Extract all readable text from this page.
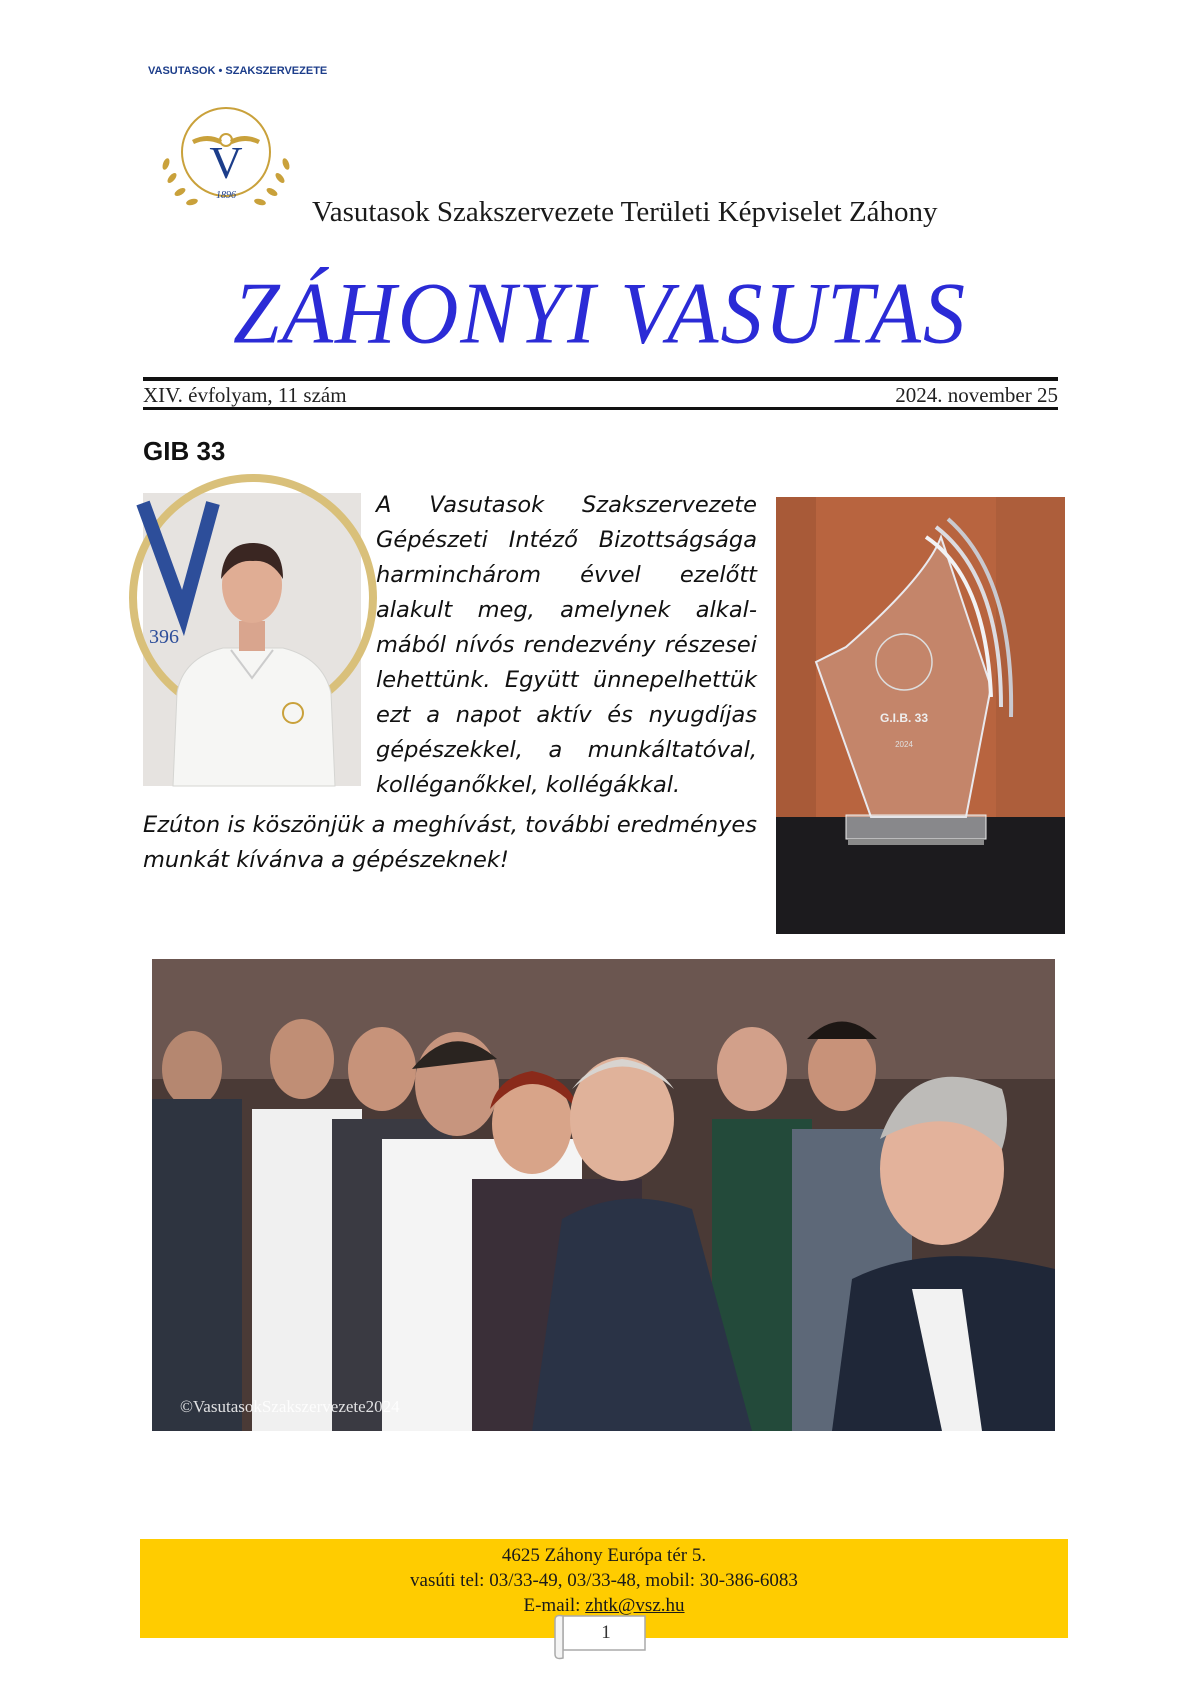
VASUTASOK • SZAKSZERVEZETE
V
1896
Vasutasok Szakszervezete Területi Képviselet Záhony
ZÁHONYI VASUTAS
XIV. évfolyam, 11 szám	2024. november 25
GIB 33
396
A Vasutasok Szakszervezete Gépészeti Intéző Bizottságsága harminchárom évvel ezelőtt alakult meg, amelynek alkal-mából nívós rendezvény részesei lehettünk. Együtt ünnepelhettük ezt a napot aktív és nyugdíjas gépészekkel, a munkáltatóval, kolléganőkkel, kollégákkal.
Ezúton is köszönjük a meghívást, további eredményes munkát kívánva a gépészeknek!
G.I.B. 33
2024
©VasutasokSzakszervezete2024
4625 Záhony Európa tér 5.
vasúti tel: 03/33-49, 03/33-48, mobil: 30-386-6083
E-mail: zhtk@vsz.hu
1
